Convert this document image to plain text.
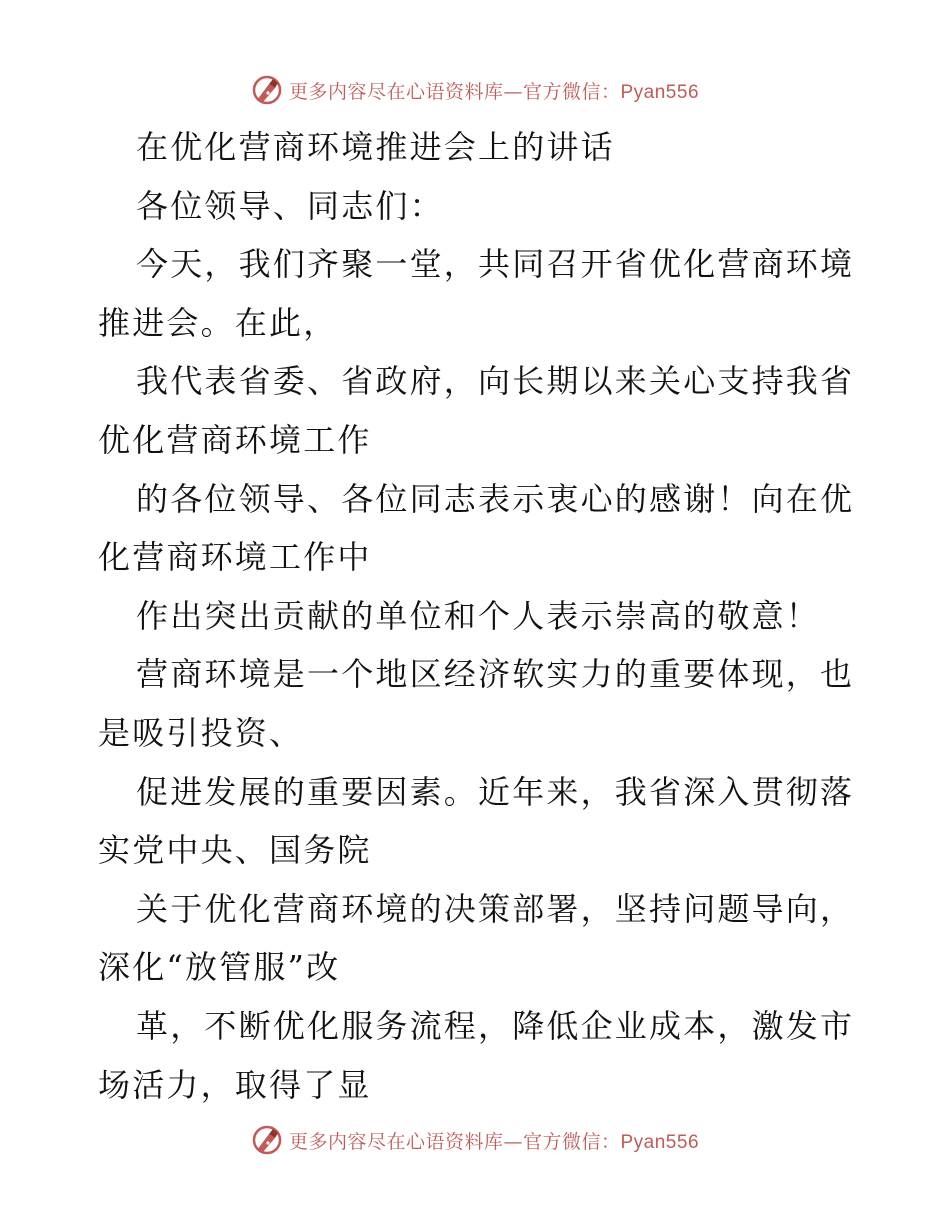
更多内容尽在心语资料库—官方微信：Pyan556
在优化营商环境推进会上的讲话
各位领导、同志们：
今天，我们齐聚一堂，共同召开省优化营商环境
推进会。在此，
我代表省委、省政府，向长期以来关心支持我省
优化营商环境工作
的各位领导、各位同志表示衷心的感谢！向在优
化营商环境工作中
作出突出贡献的单位和个人表示崇高的敬意！
营商环境是一个地区经济软实力的重要体现，也
是吸引投资、
促进发展的重要因素。近年来，我省深入贯彻落
实党中央、国务院
关于优化营商环境的决策部署，坚持问题导向，
深化“放管服”改
革，不断优化服务流程，降低企业成本，激发市
场活力，取得了显
更多内容尽在心语资料库—官方微信：Pyan556
